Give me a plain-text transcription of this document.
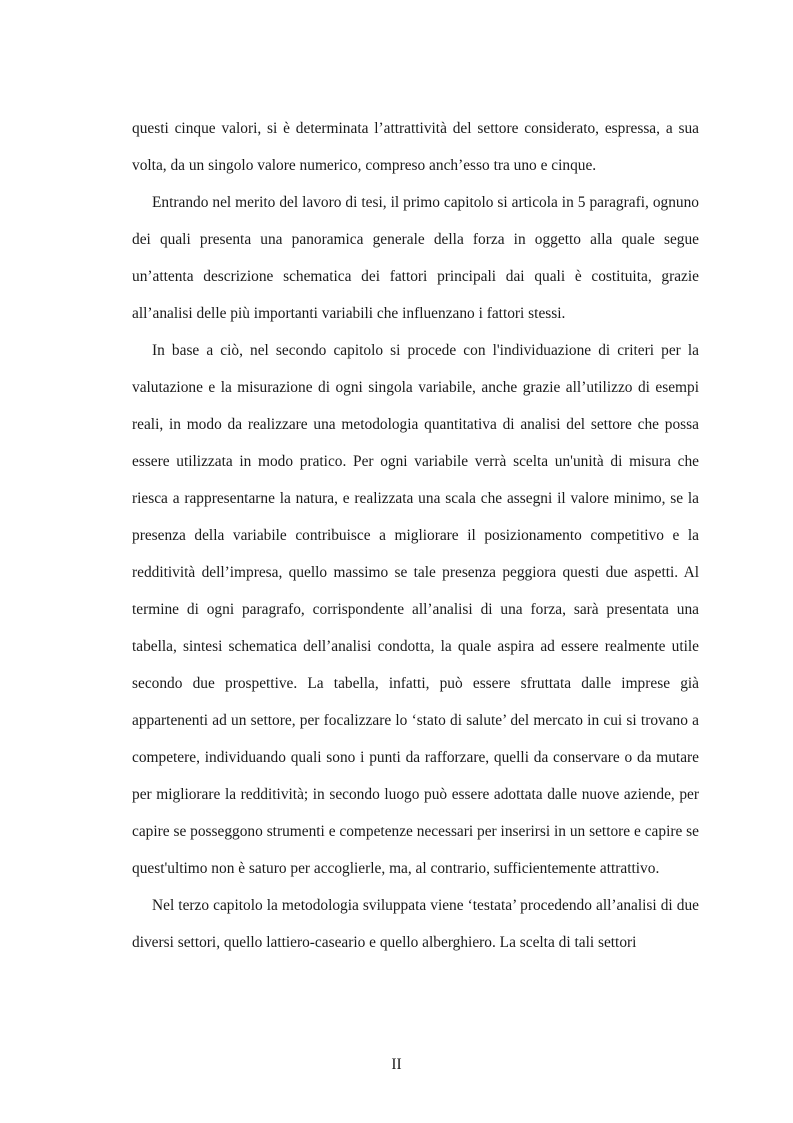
questi cinque valori, si è determinata l’attrattività del settore considerato, espressa, a sua volta, da un singolo valore numerico, compreso anch’esso tra uno e cinque.

Entrando nel merito del lavoro di tesi, il primo capitolo si articola in 5 paragrafi, ognuno dei quali presenta una panoramica generale della forza in oggetto alla quale segue un’attenta descrizione schematica dei fattori principali dai quali è costituita, grazie all’analisi delle più importanti variabili che influenzano i fattori stessi.

In base a ciò, nel secondo capitolo si procede con l'individuazione di criteri per la valutazione e la misurazione di ogni singola variabile, anche grazie all’utilizzo di esempi reali, in modo da realizzare una metodologia quantitativa di analisi del settore che possa essere utilizzata in modo pratico. Per ogni variabile verrà scelta un'unità di misura che riesca a rappresentarne la natura, e realizzata una scala che assegni il valore minimo, se la presenza della variabile contribuisce a migliorare il posizionamento competitivo e la redditività dell’impresa, quello massimo se tale presenza peggiora questi due aspetti. Al termine di ogni paragrafo, corrispondente all’analisi di una forza, sarà presentata una tabella, sintesi schematica dell’analisi condotta, la quale aspira ad essere realmente utile secondo due prospettive. La tabella, infatti, può essere sfruttata dalle imprese già appartenenti ad un settore, per focalizzare lo ‘stato di salute’ del mercato in cui si trovano a competere, individuando quali sono i punti da rafforzare, quelli da conservare o da mutare per migliorare la redditività; in secondo luogo può essere adottata dalle nuove aziende, per capire se posseggono strumenti e competenze necessari per inserirsi in un settore e capire se quest'ultimo non è saturo per accoglierle, ma, al contrario, sufficientemente attrattivo.

Nel terzo capitolo la metodologia sviluppata viene ‘testata’ procedendo all’analisi di due diversi settori, quello lattiero-caseario e quello alberghiero. La scelta di tali settori

II
